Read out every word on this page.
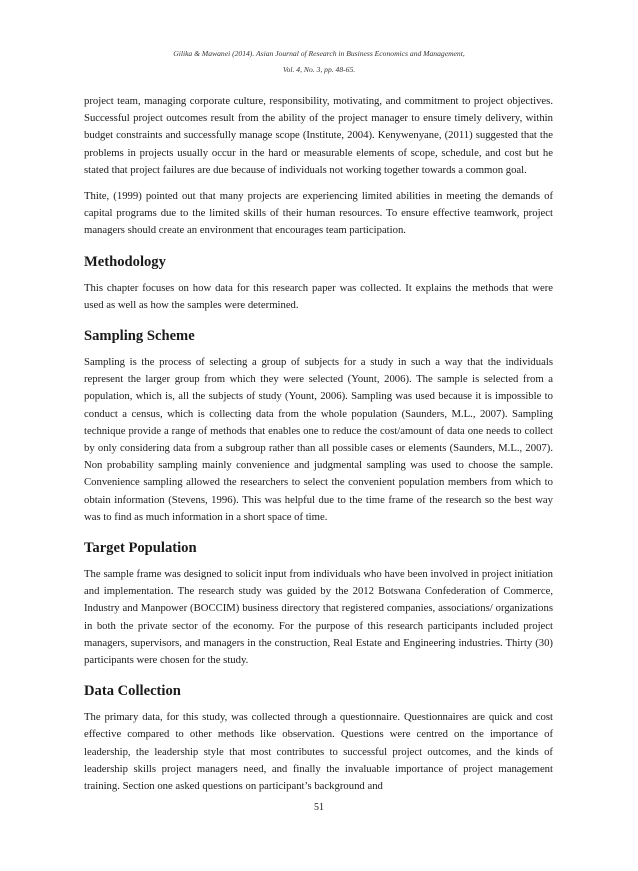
Gilika & Mawanei (2014). Asian Journal of Research in Business Economics and Management,
Vol. 4, No. 3, pp. 48-65.

project team, managing corporate culture, responsibility, motivating, and commitment to project objectives. Successful project outcomes result from the ability of the project manager to ensure timely delivery, within budget constraints and successfully manage scope (Institute, 2004). Kenywenyane, (2011) suggested that the problems in projects usually occur in the hard or measurable elements of scope, schedule, and cost but he stated that project failures are due because of individuals not working together towards a common goal.

Thite, (1999) pointed out that many projects are experiencing limited abilities in meeting the demands of capital programs due to the limited skills of their human resources. To ensure effective teamwork, project managers should create an environment that encourages team participation.

Methodology

This chapter focuses on how data for this research paper was collected. It explains the methods that were used as well as how the samples were determined.

Sampling Scheme

Sampling is the process of selecting a group of subjects for a study in such a way that the individuals represent the larger group from which they were selected (Yount, 2006). The sample is selected from a population, which is, all the subjects of study (Yount, 2006). Sampling was used because it is impossible to conduct a census, which is collecting data from the whole population (Saunders, M.L., 2007). Sampling technique provide a range of methods that enables one to reduce the cost/amount of data one needs to collect by only considering data from a subgroup rather than all possible cases or elements (Saunders, M.L., 2007). Non probability sampling mainly convenience and judgmental sampling was used to choose the sample. Convenience sampling allowed the researchers to select the convenient population members from which to obtain information (Stevens, 1996). This was helpful due to the time frame of the research so the best way was to find as much information in a short space of time.

Target Population

The sample frame was designed to solicit input from individuals who have been involved in project initiation and implementation. The research study was guided by the 2012 Botswana Confederation of Commerce, Industry and Manpower (BOCCIM) business directory that registered companies, associations/ organizations in both the private sector of the economy. For the purpose of this research participants included project managers, supervisors, and managers in the construction, Real Estate and Engineering industries. Thirty (30) participants were chosen for the study.

Data Collection

The primary data, for this study, was collected through a questionnaire. Questionnaires are quick and cost effective compared to other methods like observation. Questions were centred on the importance of leadership, the leadership style that most contributes to successful project outcomes, and the kinds of leadership skills project managers need, and finally the invaluable importance of project management training. Section one asked questions on participant’s background and

51
